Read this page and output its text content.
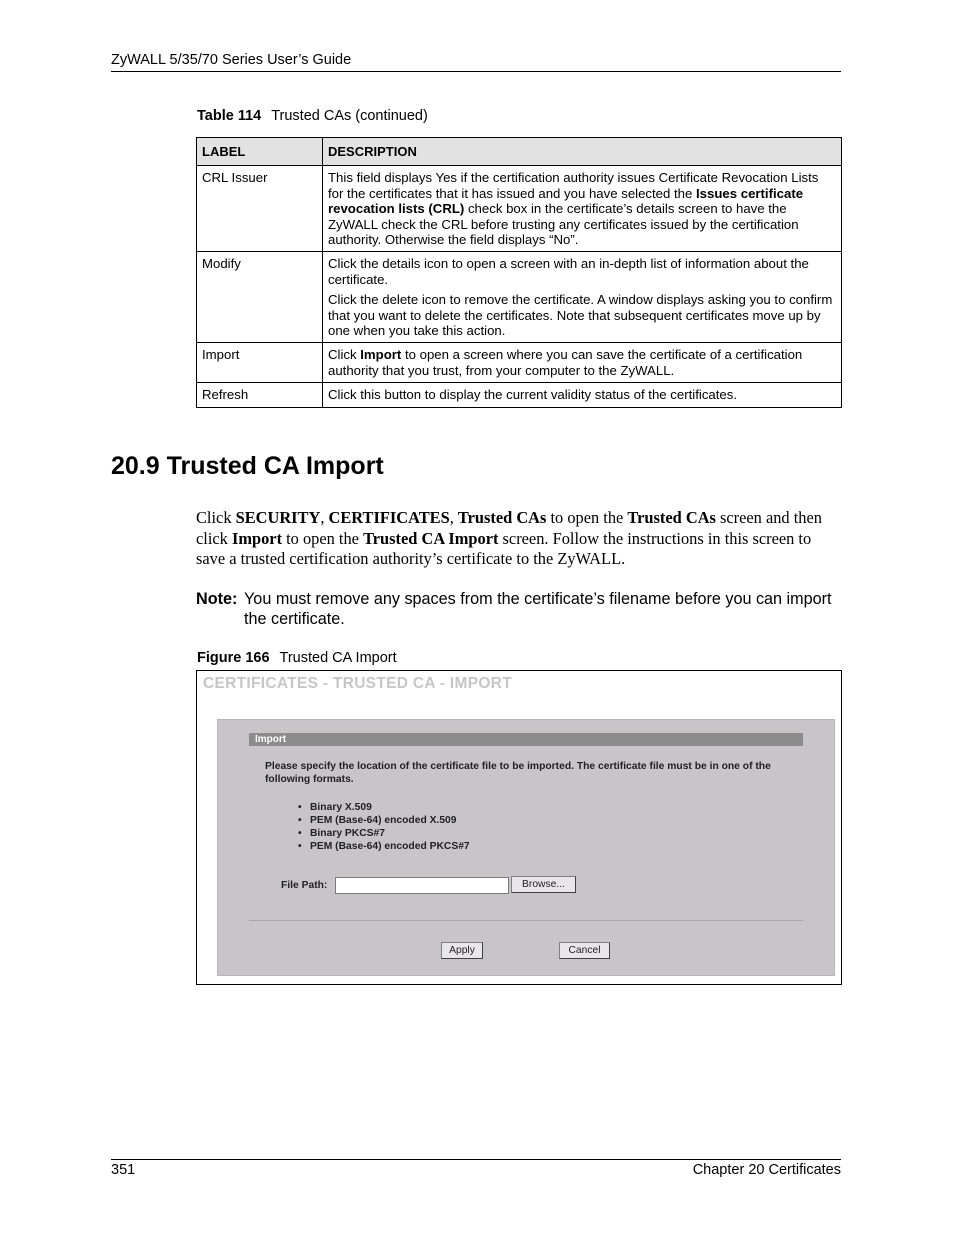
ZyWALL 5/35/70 Series User’s Guide
Table 114 Trusted CAs (continued)
LABEL	DESCRIPTION
CRL Issuer	This field displays Yes if the certification authority issues Certificate Revocation Lists for the certificates that it has issued and you have selected the Issues certificate revocation lists (CRL) check box in the certificate’s details screen to have the ZyWALL check the CRL before trusting any certificates issued by the certification authority. Otherwise the field displays “No”.
Modify	Click the details icon to open a screen with an in-depth list of information about the certificate.

Click the delete icon to remove the certificate. A window displays asking you to confirm that you want to delete the certificates. Note that subsequent certificates move up by one when you take this action.

Import	Click Import to open a screen where you can save the certificate of a certification authority that you trust, from your computer to the ZyWALL.
Refresh	Click this button to display the current validity status of the certificates.
20.9 Trusted CA Import
Click SECURITY, CERTIFICATES, Trusted CAs to open the Trusted CAs screen and then click Import to open the Trusted CA Import screen. Follow the instructions in this screen to save a trusted certification authority’s certificate to the ZyWALL.
Note: You must remove any spaces from the certificate’s filename before you can import the certificate.
Figure 166 Trusted CA Import
CERTIFICATES - TRUSTED CA - IMPORT
Import
Please specify the location of the certificate file to be imported. The certificate file must be in one of the following formats.
• Binary X.509
• PEM (Base-64) encoded X.509
• Binary PKCS#7
• PEM (Base-64) encoded PKCS#7
File Path:	Browse...
Apply	Cancel
351	Chapter 20 Certificates
